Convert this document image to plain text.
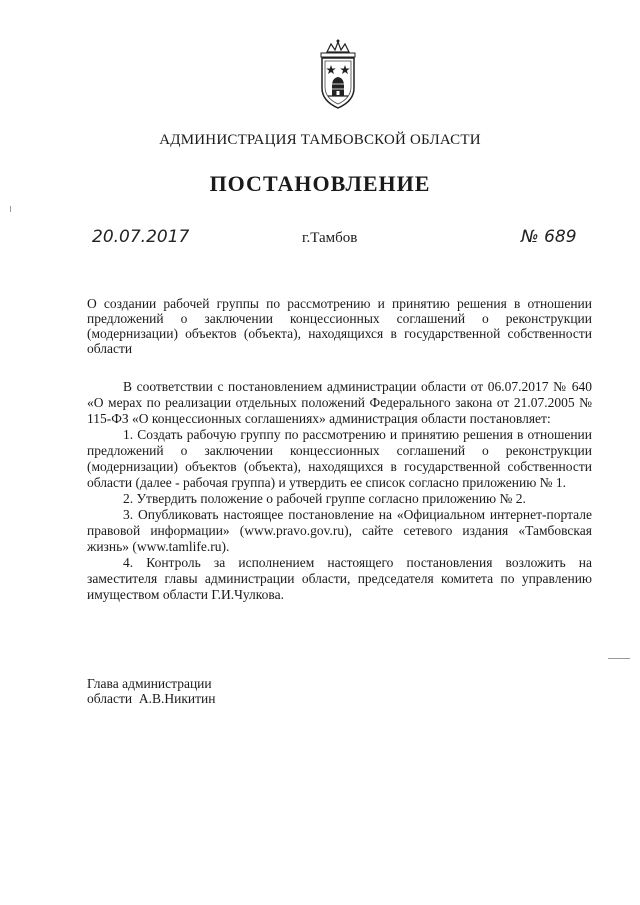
АДМИНИСТРАЦИЯ ТАМБОВСКОЙ ОБЛАСТИ
ПОСТАНОВЛЕНИЕ
20.07.2017	г.Тамбов	№ 689
О создании рабочей группы по рассмотрению и принятию решения в отношении предложений о заключении концессионных соглашений о реконструкции (модернизации) объектов (объекта), находящихся в государственной собственности области

В соответствии с постановлением администрации области от 06.07.2017 № 640 «О мерах по реализации отдельных положений Федерального закона от 21.07.2005 № 115-ФЗ «О концессионных соглашениях» администрация области постановляет:

1. Создать рабочую группу по рассмотрению и принятию решения в отношении предложений о заключении концессионных соглашений о реконструкции (модернизации) объектов (объекта), находящихся в государственной собственности области (далее - рабочая группа) и утвердить ее список согласно приложению № 1.

2. Утвердить положение о рабочей группе согласно приложению № 2.

3. Опубликовать настоящее постановление на «Официальном интернет-портале правовой информации» (www.pravo.gov.ru), сайте сетевого издания «Тамбовская жизнь» (www.tamlife.ru).

4. Контроль за исполнением настоящего постановления возложить на заместителя главы администрации области, председателя комитета по управлению имуществом области Г.И.Чулкова.

Глава администрации
области  А.В.Никитин
